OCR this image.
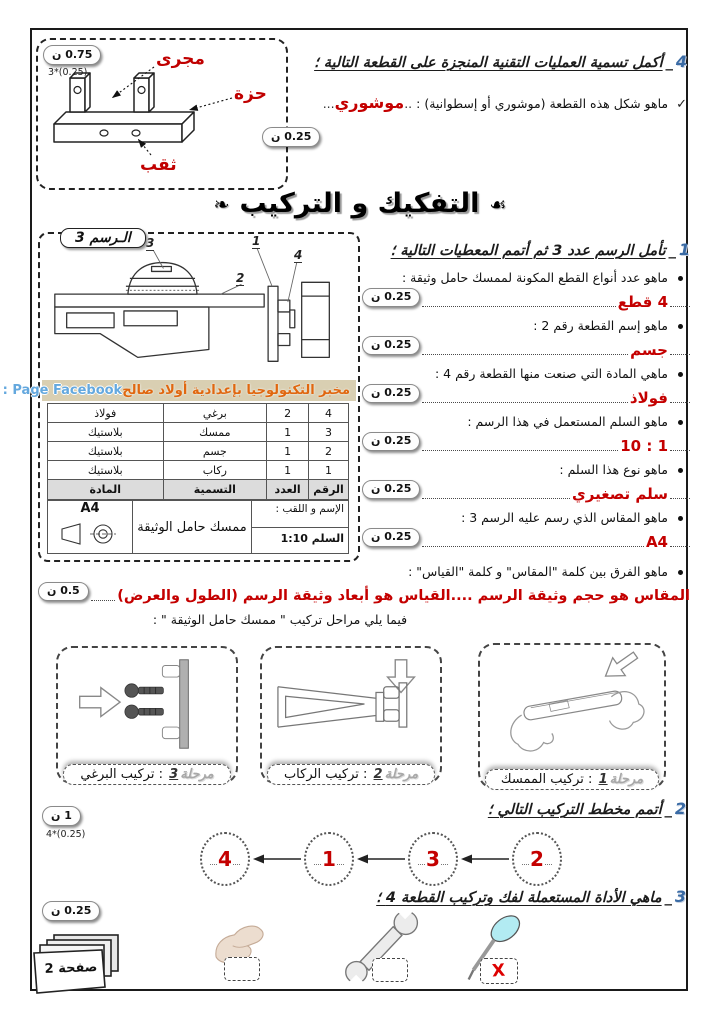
0.75 ن
3*(0.25)
مجرى
حزة
ثقب
4_أكمل تسمية العمليات التقنية المنجزة على القطعة التالية ؛
✓ ماهو شكل هذه القطعة (موشوري أو إسطوانية) : ..موشوري...
0.25 ن
☙التفكيك و التركيب❧
الـرسم 3	3	1
4
2
مخبر التكنولوجيا بإعدادية أولاد صالح
Page Facebook :
4	2	برغي	فولاذ
3	1	ممسك	بلاستيك
2	1	جسم	بلاستيك
1	1	ركاب	بلاستيك
الرقم	العدد	التسمية	المادة
الإسم و اللقب :
السلم 1:10
ممسك حامل الوثيقة
A4
1_تأمل الرسم عدد 3 ثم أتمم المعطيات التالية ؛
ماهو عدد أنواع القطع المكونة لممسك حامل وثيقة :
4 قطع
0.25 ن
ماهو إسم القطعة رقم 2 :
جسم
0.25 ن
ماهي المادة التي صنعت منها القطعة رقم 4 :
فولاذ
0.25 ن
ماهو السلم المستعمل في هذا الرسم :
1 : 10
0.25 ن
ماهو نوع هذا السلم :
سلم تصغيري
0.25 ن
ماهو المقاس الذي رسم عليه الرسم 3 :
A4
0.25 ن
ماهو الفرق بين كلمة "المقاس" و كلمة "القياس" :
المقاس هو حجم وثيقة الرسم ....القياس هو أبعاد وثيقة الرسم (الطول والعرض)
0.5 ن
فيما يلي مراحل تركيب " ممسك حامل الوثيقة " :
مرحلة3 : تركيب البرغي	مرحلة2 : تركيب الركاب	مرحلة1 : تركيب الممسك
2_أتمم مخطط التركيب التالي ؛
1 ن
4*(0.25)
2
3
1
4
3_ماهي الأداة المستعملة لفك وتركيب القطعة 4 ؛
0.25 ن
X
صفحة 2
